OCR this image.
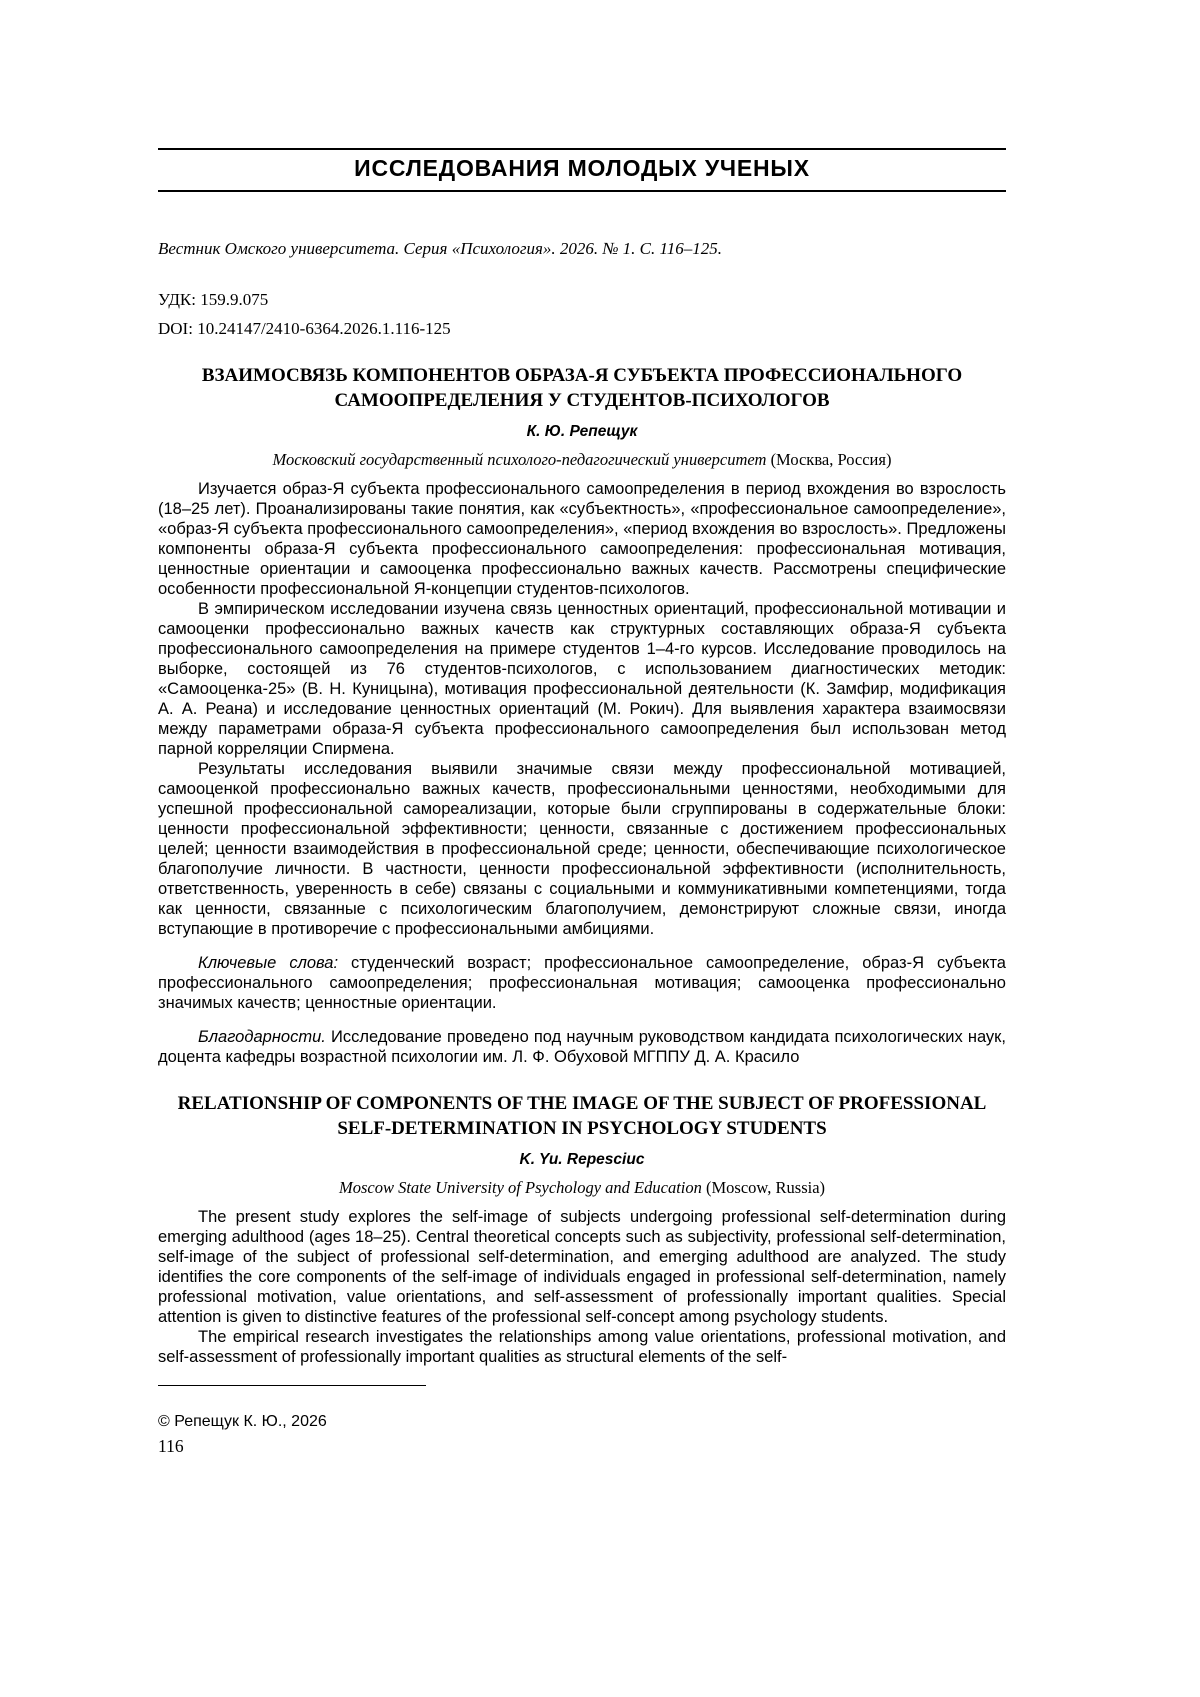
ИССЛЕДОВАНИЯ МОЛОДЫХ УЧЕНЫХ

Вестник Омского университета. Серия «Психология». 2026. № 1. С. 116–125.

УДК: 159.9.075

DOI: 10.24147/2410-6364.2026.1.116-125

ВЗАИМОСВЯЗЬ КОМПОНЕНТОВ ОБРАЗА-Я СУБЪЕКТА ПРОФЕССИОНАЛЬНОГО САМООПРЕДЕЛЕНИЯ У СТУДЕНТОВ-ПСИХОЛОГОВ

К. Ю. Репещук

Московский государственный психолого-педагогический университет (Москва, Россия)

Изучается образ-Я субъекта профессионального самоопределения в период вхождения во взрослость (18–25 лет). Проанализированы такие понятия, как «субъектность», «профессиональное самоопределение», «образ-Я субъекта профессионального самоопределения», «период вхождения во взрослость». Предложены компоненты образа-Я субъекта профессионального самоопределения: профессиональная мотивация, ценностные ориентации и самооценка профессионально важных качеств. Рассмотрены специфические особенности профессиональной Я-концепции студентов-психологов.

В эмпирическом исследовании изучена связь ценностных ориентаций, профессиональной мотивации и самооценки профессионально важных качеств как структурных составляющих образа-Я субъекта профессионального самоопределения на примере студентов 1–4-го курсов. Исследование проводилось на выборке, состоящей из 76 студентов-психологов, с использованием диагностических методик: «Самооценка-25» (В. Н. Куницына), мотивация профессиональной деятельности (К. Замфир, модификация А. А. Реана) и исследование ценностных ориентаций (М. Рокич). Для выявления характера взаимосвязи между параметрами образа-Я субъекта профессионального самоопределения был использован метод парной корреляции Спирмена.

Результаты исследования выявили значимые связи между профессиональной мотивацией, самооценкой профессионально важных качеств, профессиональными ценностями, необходимыми для успешной профессиональной самореализации, которые были сгруппированы в содержательные блоки: ценности профессиональной эффективности; ценности, связанные с достижением профессиональных целей; ценности взаимодействия в профессиональной среде; ценности, обеспечивающие психологическое благополучие личности. В частности, ценности профессиональной эффективности (исполнительность, ответственность, уверенность в себе) связаны с социальными и коммуникативными компетенциями, тогда как ценности, связанные с психологическим благополучием, демонстрируют сложные связи, иногда вступающие в противоречие с профессиональными амбициями.

Ключевые слова: студенческий возраст; профессиональное самоопределение, образ-Я субъекта профессионального самоопределения; профессиональная мотивация; самооценка профессионально значимых качеств; ценностные ориентации.

Благодарности. Исследование проведено под научным руководством кандидата психологических наук, доцента кафедры возрастной психологии им. Л. Ф. Обуховой МГППУ Д. А. Красило

RELATIONSHIP OF COMPONENTS OF THE IMAGE OF THE SUBJECT OF PROFESSIONAL SELF-DETERMINATION IN PSYCHOLOGY STUDENTS

K. Yu. Repesciuc

Moscow State University of Psychology and Education (Moscow, Russia)

The present study explores the self-image of subjects undergoing professional self-determination during emerging adulthood (ages 18–25). Central theoretical concepts such as subjectivity, professional self-determination, self-image of the subject of professional self-determination, and emerging adulthood are analyzed. The study identifies the core components of the self-image of individuals engaged in professional self-determination, namely professional motivation, value orientations, and self-assessment of professionally important qualities. Special attention is given to distinctive features of the professional self-concept among psychology students.

The empirical research investigates the relationships among value orientations, professional motivation, and self-assessment of professionally important qualities as structural elements of the self-

© Репещук К. Ю., 2026

116
